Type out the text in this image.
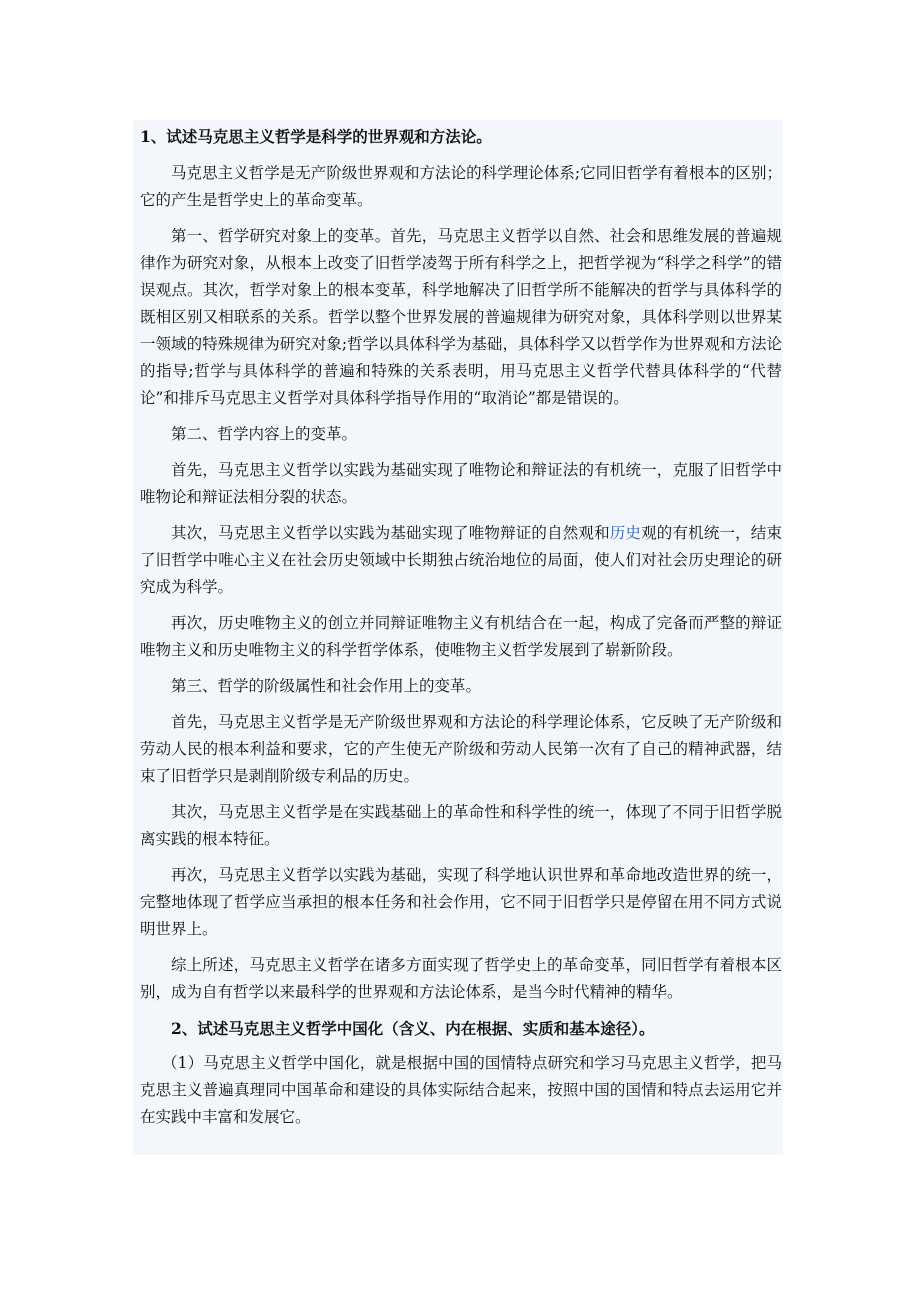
1、试述马克思主义哲学是科学的世界观和方法论。

马克思主义哲学是无产阶级世界观和方法论的科学理论体系;它同旧哲学有着根本的区别；它的产生是哲学史上的革命变革。

第一、哲学研究对象上的变革。首先，马克思主义哲学以自然、社会和思维发展的普遍规律作为研究对象，从根本上改变了旧哲学凌驾于所有科学之上，把哲学视为“科学之科学”的错误观点。其次，哲学对象上的根本变革，科学地解决了旧哲学所不能解决的哲学与具体科学的既相区别又相联系的关系。哲学以整个世界发展的普遍规律为研究对象，具体科学则以世界某一领域的特殊规律为研究对象;哲学以具体科学为基础，具体科学又以哲学作为世界观和方法论的指导;哲学与具体科学的普遍和特殊的关系表明，用马克思主义哲学代替具体科学的“代替论”和排斥马克思主义哲学对具体科学指导作用的“取消论”都是错误的。

第二、哲学内容上的变革。

首先，马克思主义哲学以实践为基础实现了唯物论和辩证法的有机统一，克服了旧哲学中唯物论和辩证法相分裂的状态。

其次，马克思主义哲学以实践为基础实现了唯物辩证的自然观和历史观的有机统一，结束了旧哲学中唯心主义在社会历史领域中长期独占统治地位的局面，使人们对社会历史理论的研究成为科学。

再次，历史唯物主义的创立并同辩证唯物主义有机结合在一起，构成了完备而严整的辩证唯物主义和历史唯物主义的科学哲学体系，使唯物主义哲学发展到了崭新阶段。

第三、哲学的阶级属性和社会作用上的变革。

首先，马克思主义哲学是无产阶级世界观和方法论的科学理论体系，它反映了无产阶级和劳动人民的根本利益和要求，它的产生使无产阶级和劳动人民第一次有了自己的精神武器，结束了旧哲学只是剥削阶级专利品的历史。

其次，马克思主义哲学是在实践基础上的革命性和科学性的统一，体现了不同于旧哲学脱离实践的根本特征。

再次，马克思主义哲学以实践为基础，实现了科学地认识世界和革命地改造世界的统一，完整地体现了哲学应当承担的根本任务和社会作用，它不同于旧哲学只是停留在用不同方式说明世界上。

综上所述，马克思主义哲学在诸多方面实现了哲学史上的革命变革，同旧哲学有着根本区别，成为自有哲学以来最科学的世界观和方法论体系，是当今时代精神的精华。

2、试述马克思主义哲学中国化（含义、内在根据、实质和基本途径）。

（1）马克思主义哲学中国化，就是根据中国的国情特点研究和学习马克思主义哲学，把马克思主义普遍真理同中国革命和建设的具体实际结合起来，按照中国的国情和特点去运用它并在实践中丰富和发展它。
